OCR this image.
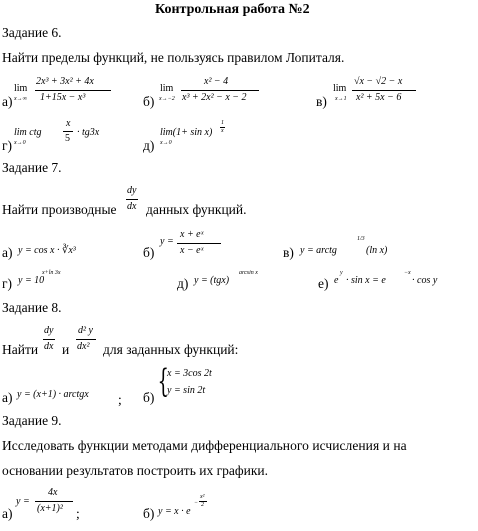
Контрольная работа №2
Задание 6.
Найти пределы функций, не пользуясь правилом Лопиталя.
а)
lim
x→∞
2x³ + 3x² + 4x
1+15x − x³	б)
lim
x→−2
x² − 4
x³ + 2x² − x − 2	в)
lim
x→1
√x − √2 − x
x² + 5x − 6
г)
lim ctg
x→0
x
5
· tg3x
д)
lim(1+ sin x)
x→0
1
x
Задание 7.
Найти производные
dy
dx данных функций.
а) y = cos x · ∛x³	б)
y =
x + eˣ
x − eˣ	в) y = arctg
1/3
(ln x)
г) y = 10
x+ln 3x
д) y = (tgx)
arcsin x
е) e
y
· sin x = e
−x
· cos y
Задание 8.
Найти
dy
dx и
d² y
dx² для заданных функций:
а) y = (x+1) · arctgx ; б) {
x = 3cos 2t
y = sin 2t
Задание 9.
Исследовать функции методами дифференциального исчисления и на
основании результатов построить их графики.
а)
y =
4x
(x+1)² ;	б) y = x · e
−
x²
2
